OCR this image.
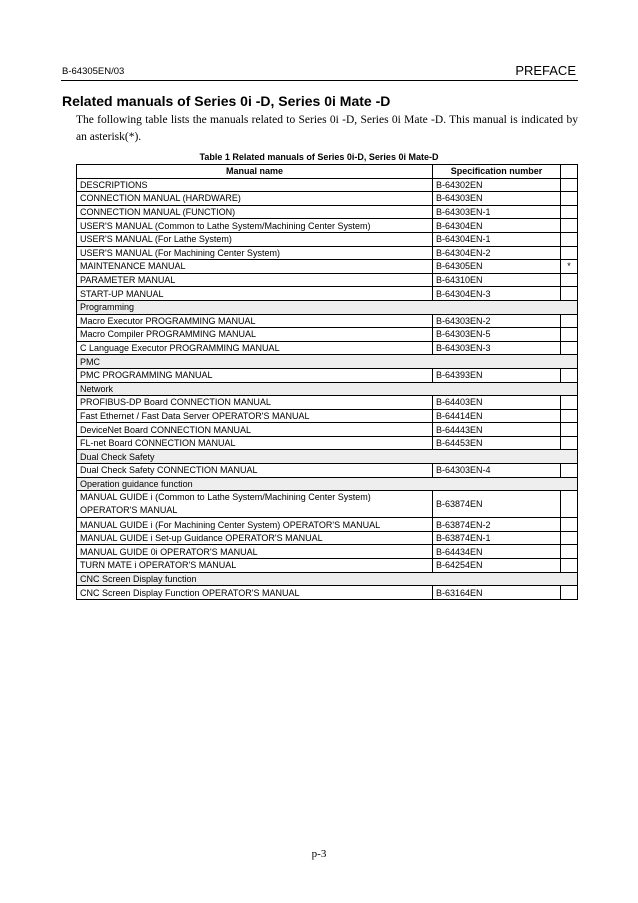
B-64305EN/03	PREFACE
Related manuals of Series 0i -D, Series 0i Mate -D
The following table lists the manuals related to Series 0i -D, Series 0i Mate -D. This manual is indicated by an asterisk(*).
Table 1 Related manuals of Series 0i-D, Series 0i Mate-D
Manual name	Specification number	
DESCRIPTIONS	B-64302EN	
CONNECTION MANUAL (HARDWARE)	B-64303EN	
CONNECTION MANUAL (FUNCTION)	B-64303EN-1	
USER'S MANUAL (Common to Lathe System/Machining Center System)	B-64304EN	
USER'S MANUAL (For Lathe System)	B-64304EN-1	
USER'S MANUAL (For Machining Center System)	B-64304EN-2	
MAINTENANCE MANUAL	B-64305EN	*
PARAMETER MANUAL	B-64310EN	
START-UP MANUAL	B-64304EN-3	
Programming		
Macro Executor PROGRAMMING MANUAL	B-64303EN-2	
Macro Compiler PROGRAMMING MANUAL	B-64303EN-5	
C Language Executor PROGRAMMING MANUAL	B-64303EN-3	
PMC		
PMC PROGRAMMING MANUAL	B-64393EN	
Network		
PROFIBUS-DP Board CONNECTION MANUAL	B-64403EN	
Fast Ethernet / Fast Data Server OPERATOR'S MANUAL	B-64414EN	
DeviceNet Board CONNECTION MANUAL	B-64443EN	
FL-net Board CONNECTION MANUAL	B-64453EN	
Dual Check Safety		
Dual Check Safety CONNECTION MANUAL	B-64303EN-4	
Operation guidance function		
MANUAL GUIDE i (Common to Lathe System/Machining Center System) OPERATOR'S MANUAL	B-63874EN	
MANUAL GUIDE i (For Machining Center System) OPERATOR'S MANUAL	B-63874EN-2	
MANUAL GUIDE i Set-up Guidance OPERATOR'S MANUAL	B-63874EN-1	
MANUAL GUIDE 0i OPERATOR'S MANUAL	B-64434EN	
TURN MATE i OPERATOR'S MANUAL	B-64254EN	
CNC Screen Display function		
CNC Screen Display Function OPERATOR'S MANUAL	B-63164EN	
p-3
